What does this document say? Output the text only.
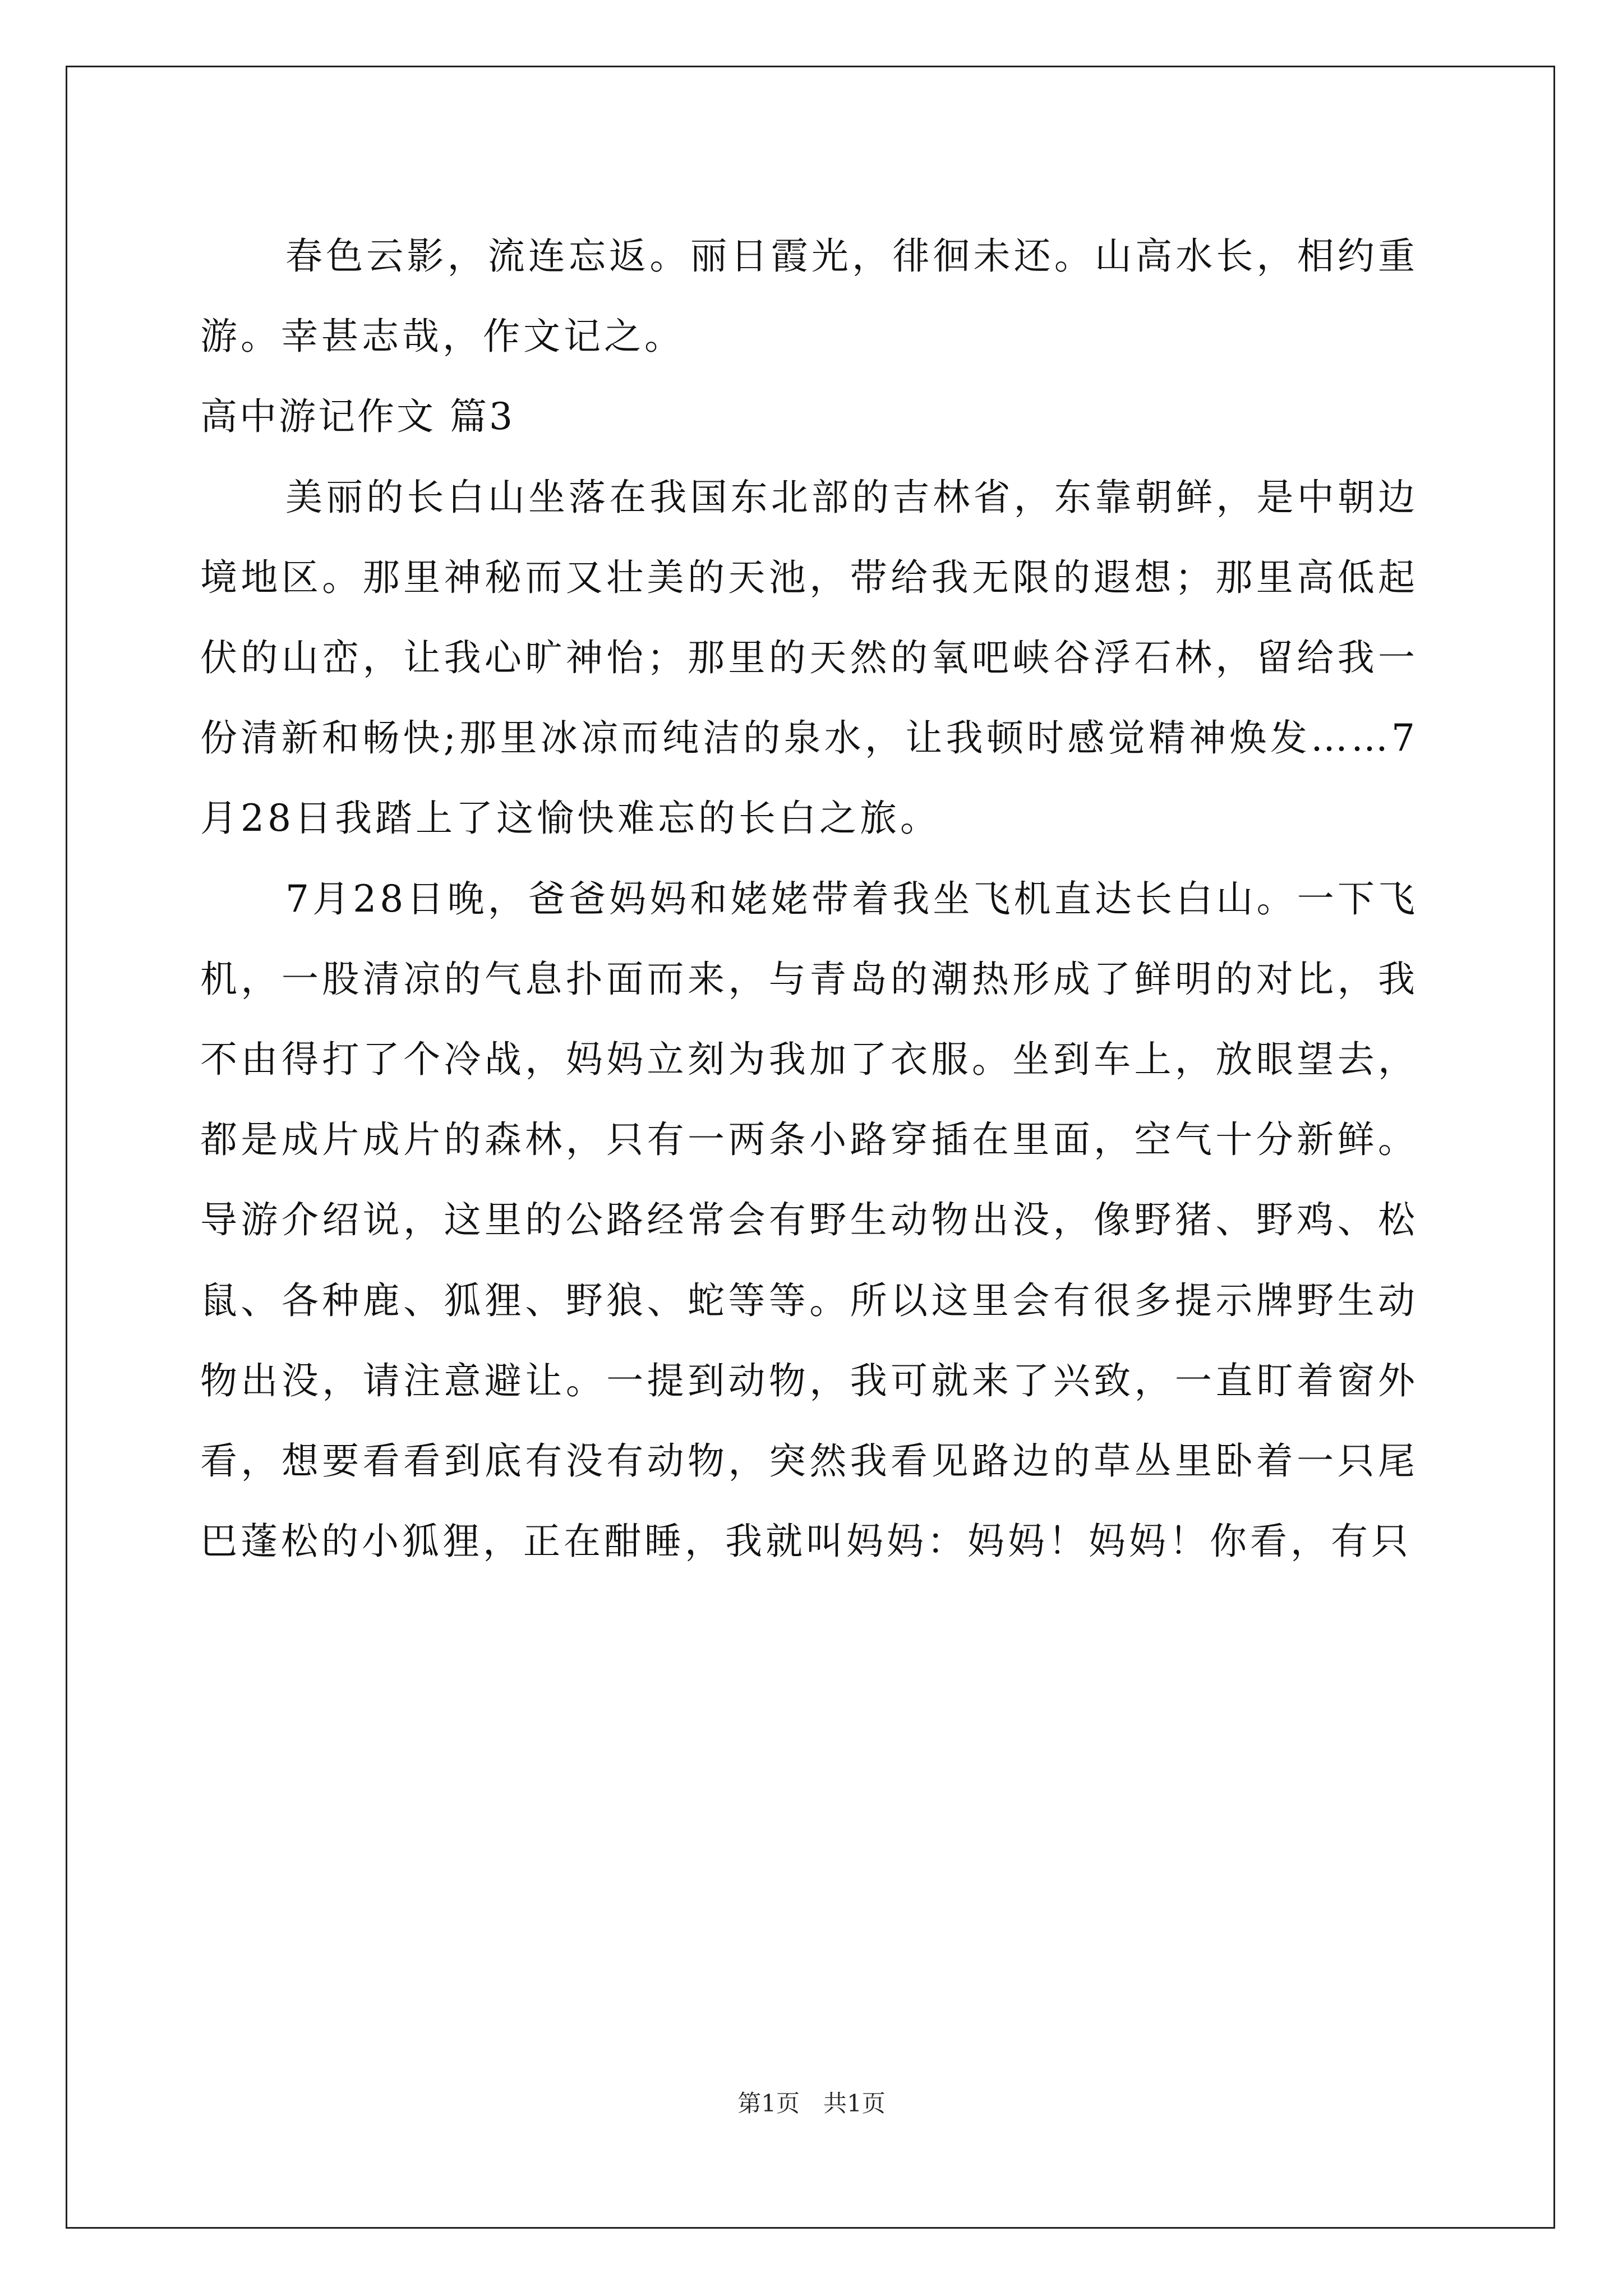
春色云影，流连忘返。丽日霞光，徘徊未还。山高水长，相约重游。幸甚志哉，作文记之。

高中游记作文 篇3

美丽的长白山坐落在我国东北部的吉林省，东靠朝鲜，是中朝边境地区。那里神秘而又壮美的天池，带给我无限的遐想；那里高低起伏的山峦，让我心旷神怡；那里的天然的氧吧峡谷浮石林，留给我一份清新和畅快;那里冰凉而纯洁的泉水，让我顿时感觉精神焕发……7月28日我踏上了这愉快难忘的长白之旅。

7月28日晚，爸爸妈妈和姥姥带着我坐飞机直达长白山。一下飞机，一股清凉的气息扑面而来，与青岛的潮热形成了鲜明的对比，我不由得打了个冷战，妈妈立刻为我加了衣服。坐到车上，放眼望去，都是成片成片的森林，只有一两条小路穿插在里面，空气十分新鲜。导游介绍说，这里的公路经常会有野生动物出没，像野猪、野鸡、松鼠、各种鹿、狐狸、野狼、蛇等等。所以这里会有很多提示牌野生动物出没，请注意避让。一提到动物，我可就来了兴致，一直盯着窗外看，想要看看到底有没有动物，突然我看见路边的草丛里卧着一只尾巴蓬松的小狐狸，正在酣睡，我就叫妈妈：妈妈！妈妈！你看，有只

第1页　共1页
